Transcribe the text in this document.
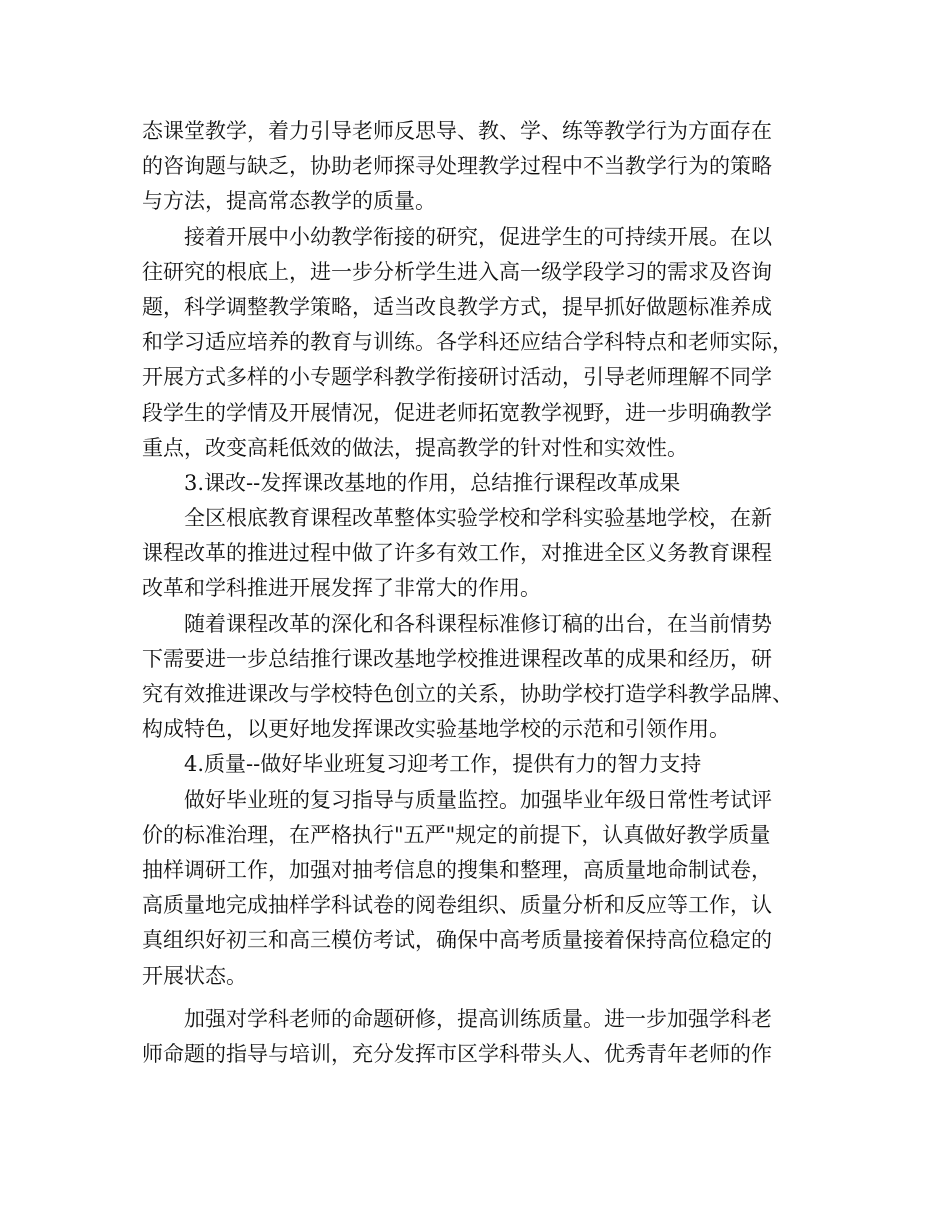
态课堂教学，着力引导老师反思导、教、学、练等教学行为方面存在
的咨询题与缺乏，协助老师探寻处理教学过程中不当教学行为的策略
与方法，提高常态教学的质量。
接着开展中小幼教学衔接的研究，促进学生的可持续开展。在以
往研究的根底上，进一步分析学生进入高一级学段学习的需求及咨询
题，科学调整教学策略，适当改良教学方式，提早抓好做题标准养成
和学习适应培养的教育与训练。各学科还应结合学科特点和老师实际，
开展方式多样的小专题学科教学衔接研讨活动，引导老师理解不同学
段学生的学情及开展情况，促进老师拓宽教学视野，进一步明确教学
重点，改变高耗低效的做法，提高教学的针对性和实效性。
3.课改--发挥课改基地的作用，总结推行课程改革成果
全区根底教育课程改革整体实验学校和学科实验基地学校，在新
课程改革的推进过程中做了许多有效工作，对推进全区义务教育课程
改革和学科推进开展发挥了非常大的作用。
随着课程改革的深化和各科课程标准修订稿的出台，在当前情势
下需要进一步总结推行课改基地学校推进课程改革的成果和经历，研
究有效推进课改与学校特色创立的关系，协助学校打造学科教学品牌、
构成特色，以更好地发挥课改实验基地学校的示范和引领作用。
4.质量--做好毕业班复习迎考工作，提供有力的智力支持
做好毕业班的复习指导与质量监控。加强毕业年级日常性考试评
价的标准治理，在严格执行"五严"规定的前提下，认真做好教学质量
抽样调研工作，加强对抽考信息的搜集和整理，高质量地命制试卷，
高质量地完成抽样学科试卷的阅卷组织、质量分析和反应等工作，认
真组织好初三和高三模仿考试，确保中高考质量接着保持高位稳定的
开展状态。
加强对学科老师的命题研修，提高训练质量。进一步加强学科老
师命题的指导与培训，充分发挥市区学科带头人、优秀青年老师的作
